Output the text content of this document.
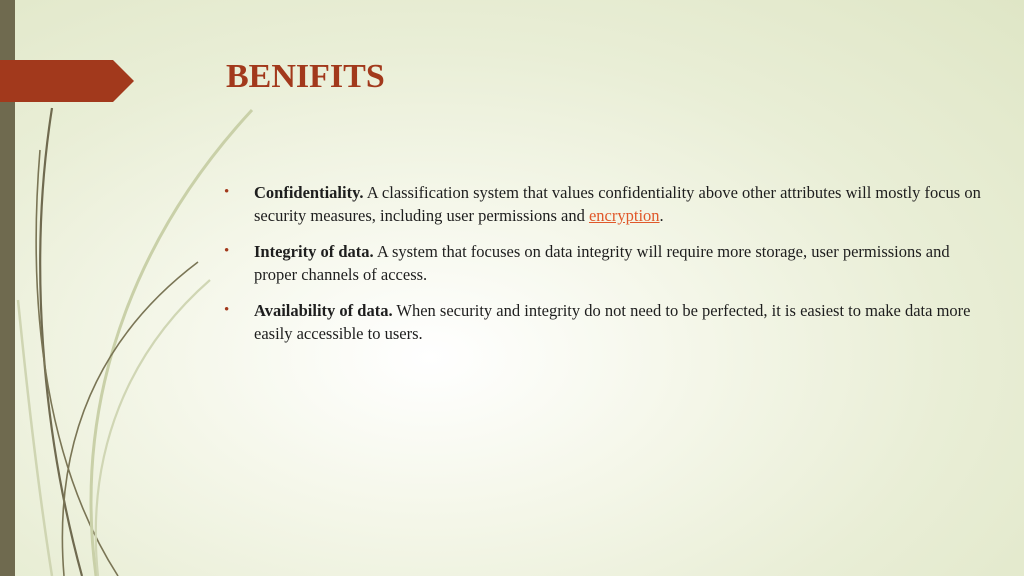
BENIFITS
• Confidentiality. A classification system that values confidentiality above other attributes will mostly focus on security measures, including user permissions and encryption.
• Integrity of data. A system that focuses on data integrity will require more storage, user permissions and proper channels of access.
• Availability of data. When security and integrity do not need to be perfected, it is easiest to make data more easily accessible to users.
